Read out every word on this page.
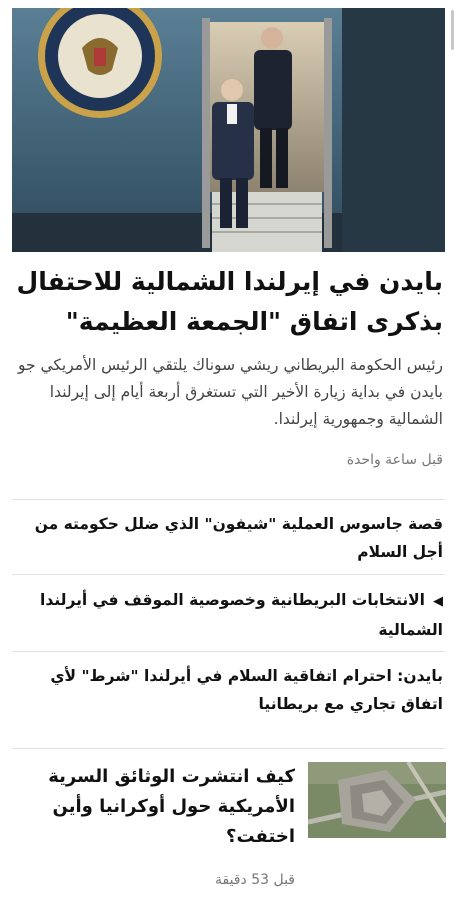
بايدن في إيرلندا الشمالية للاحتفال بذكرى اتفاق "الجمعة العظيمة"

رئيس الحكومة البريطاني ريشي سوناك يلتقي الرئيس الأمريكي جو بايدن في بداية زيارة الأخير التي تستغرق أربعة أيام إلى إيرلندا الشمالية وجمهورية إيرلندا.

قبل ساعة واحدة

قصة جاسوس العملية "شيفون" الذي ضلل حكومته من أجل السلام

◀الانتخابات البريطانية وخصوصية الموقف في أيرلندا الشمالية

بايدن: احترام اتفاقية السلام في أيرلندا "شرط" لأي اتفاق تجاري مع بريطانيا

كيف انتشرت الوثائق السرية الأمريكية حول أوكرانيا وأين اختفت؟
قبل 53 دقيقة
